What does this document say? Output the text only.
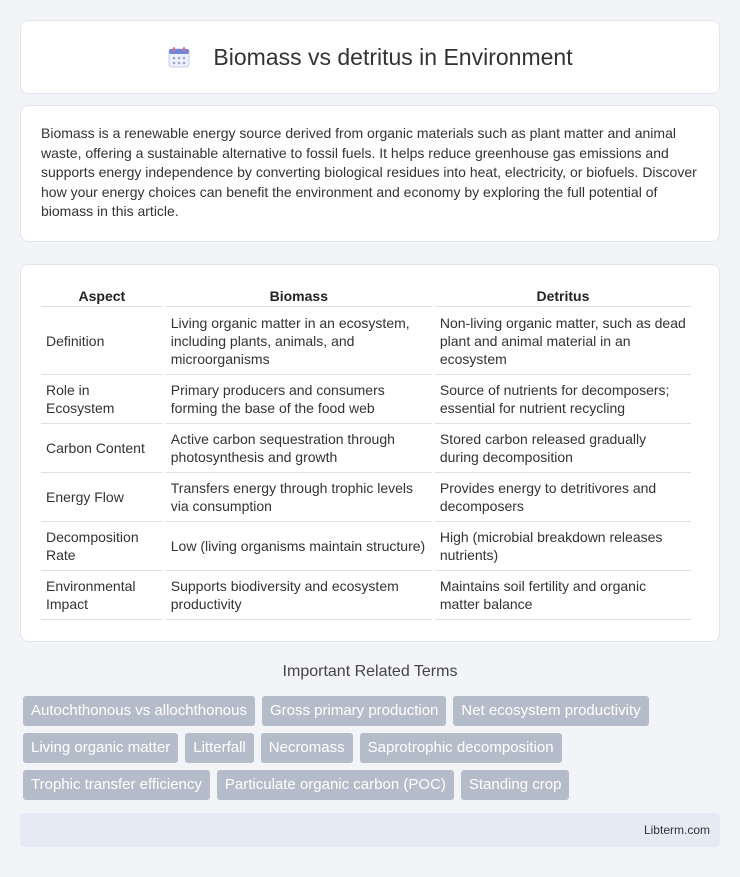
Biomass vs detritus in Environment

Biomass is a renewable energy source derived from organic materials such as plant matter and animal waste, offering a sustainable alternative to fossil fuels. It helps reduce greenhouse gas emissions and supports energy independence by converting biological residues into heat, electricity, or biofuels. Discover how your energy choices can benefit the environment and economy by exploring the full potential of biomass in this article.

Aspect	Biomass	Detritus
Definition	Living organic matter in an ecosystem, including plants, animals, and microorganisms	Non-living organic matter, such as dead plant and animal material in an ecosystem
Role in Ecosystem	Primary producers and consumers forming the base of the food web	Source of nutrients for decomposers; essential for nutrient recycling
Carbon Content	Active carbon sequestration through photosynthesis and growth	Stored carbon released gradually during decomposition
Energy Flow	Transfers energy through trophic levels via consumption	Provides energy to detritivores and decomposers
Decomposition Rate	Low (living organisms maintain structure)	High (microbial breakdown releases nutrients)
Environmental Impact	Supports biodiversity and ecosystem productivity	Maintains soil fertility and organic matter balance
Important Related Terms
Autochthonous vs allochthonous	Gross primary production	Net ecosystem productivity
Living organic matter	Litterfall	Necromass	Saprotrophic decomposition
Trophic transfer efficiency	Particulate organic carbon (POC)	Standing crop
Libterm.com
